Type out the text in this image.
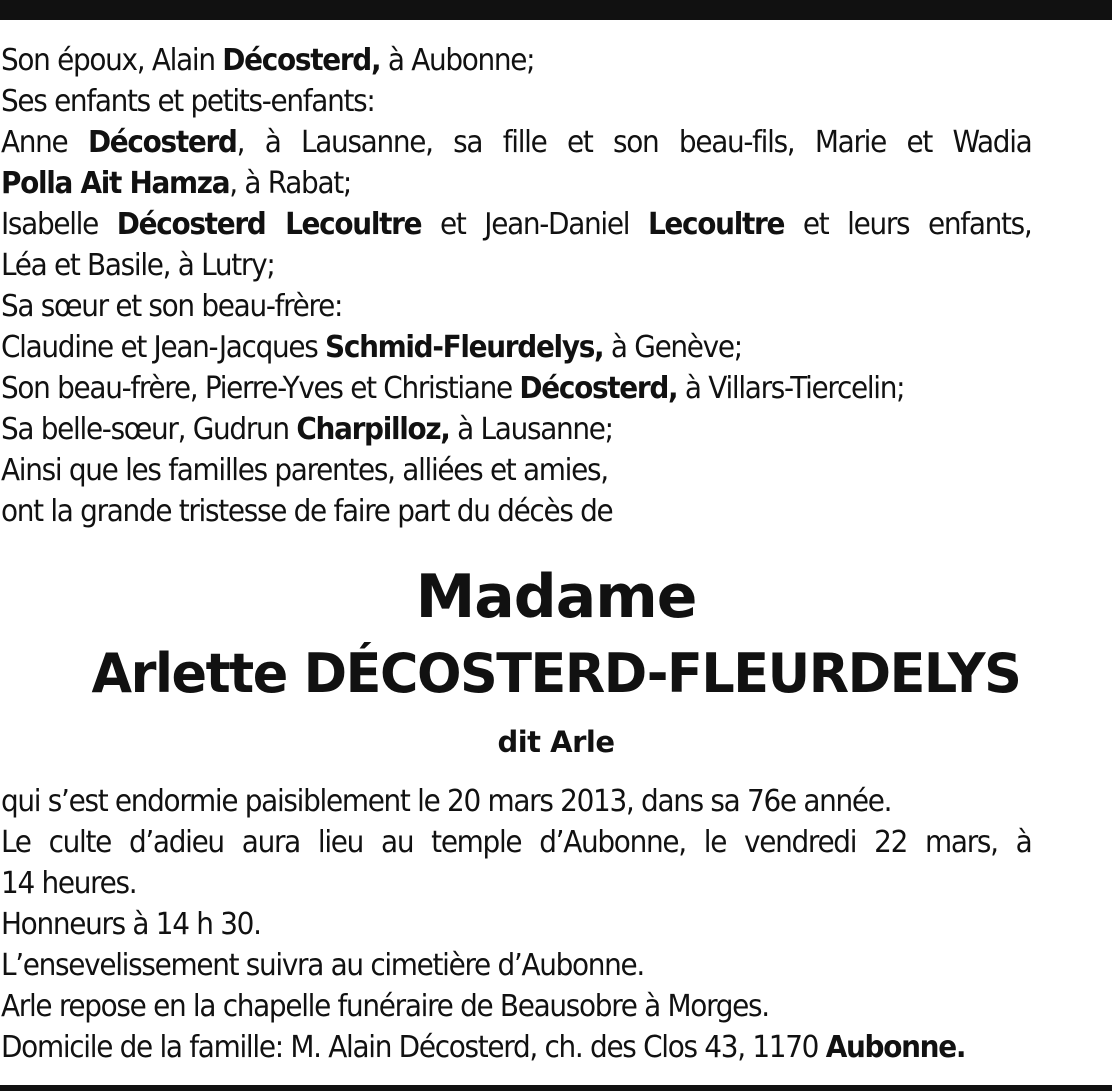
Son époux, Alain Décosterd, à Aubonne;
Ses enfants et petits-enfants:
Anne Décosterd, à Lausanne, sa fille et son beau-fils, Marie et Wadia
Polla Ait Hamza, à Rabat;
Isabelle Décosterd Lecoultre et Jean-Daniel Lecoultre et leurs enfants,
Léa et Basile, à Lutry;
Sa sœur et son beau-frère:
Claudine et Jean-Jacques Schmid-Fleurdelys, à Genève;
Son beau-frère, Pierre-Yves et Christiane Décosterd, à Villars-Tiercelin;
Sa belle-sœur, Gudrun Charpilloz, à Lausanne;
Ainsi que les familles parentes, alliées et amies,
ont la grande tristesse de faire part du décès de
Madame
Arlette DÉCOSTERD-FLEURDELYS
dit Arle
qui s’est endormie paisiblement le 20 mars 2013, dans sa 76e année.
Le culte d’adieu aura lieu au temple d’Aubonne, le vendredi 22 mars, à
14 heures.
Honneurs à 14 h 30.
L’ensevelissement suivra au cimetière d’Aubonne.
Arle repose en la chapelle funéraire de Beausobre à Morges.
Domicile de la famille: M. Alain Décosterd, ch. des Clos 43, 1170 Aubonne.
